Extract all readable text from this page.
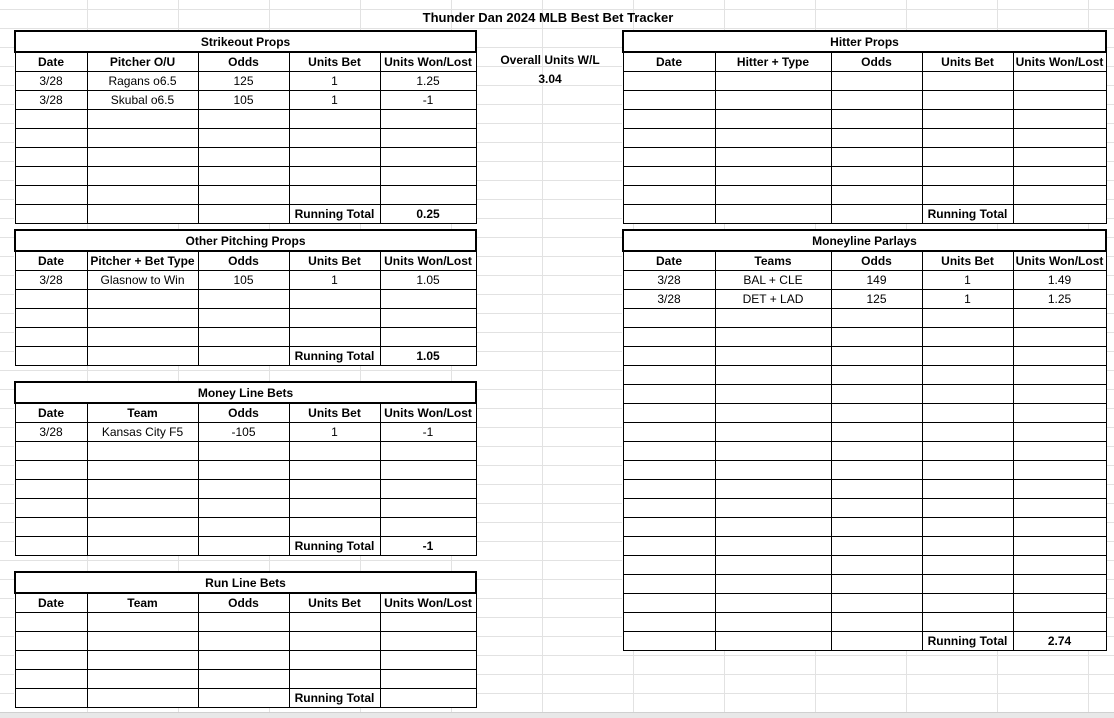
Thunder Dan 2024 MLB Best Bet Tracker
Overall Units W/L
3.04
Strikeout Props				
Date	Pitcher O/U	Odds	Units Bet	Units Won/Lost
3/28	Ragans o6.5	125	1	1.25
3/28	Skubal o6.5	105	1	-1

			Running Total	0.25
Other Pitching Props				
Date	Pitcher + Bet Type	Odds	Units Bet	Units Won/Lost
3/28	Glasnow to Win	105	1	1.05

			Running Total	1.05
Money Line Bets				
Date	Team	Odds	Units Bet	Units Won/Lost
3/28	Kansas City F5	-105	1	-1

			Running Total	-1
Run Line Bets				
Date	Team	Odds	Units Bet	Units Won/Lost

			Running Total	
Hitter Props				
Date	Hitter + Type	Odds	Units Bet	Units Won/Lost

			Running Total	
Moneyline Parlays				
Date	Teams	Odds	Units Bet	Units Won/Lost
3/28	BAL + CLE	149	1	1.49
3/28	DET + LAD	125	1	1.25

			Running Total	2.74
